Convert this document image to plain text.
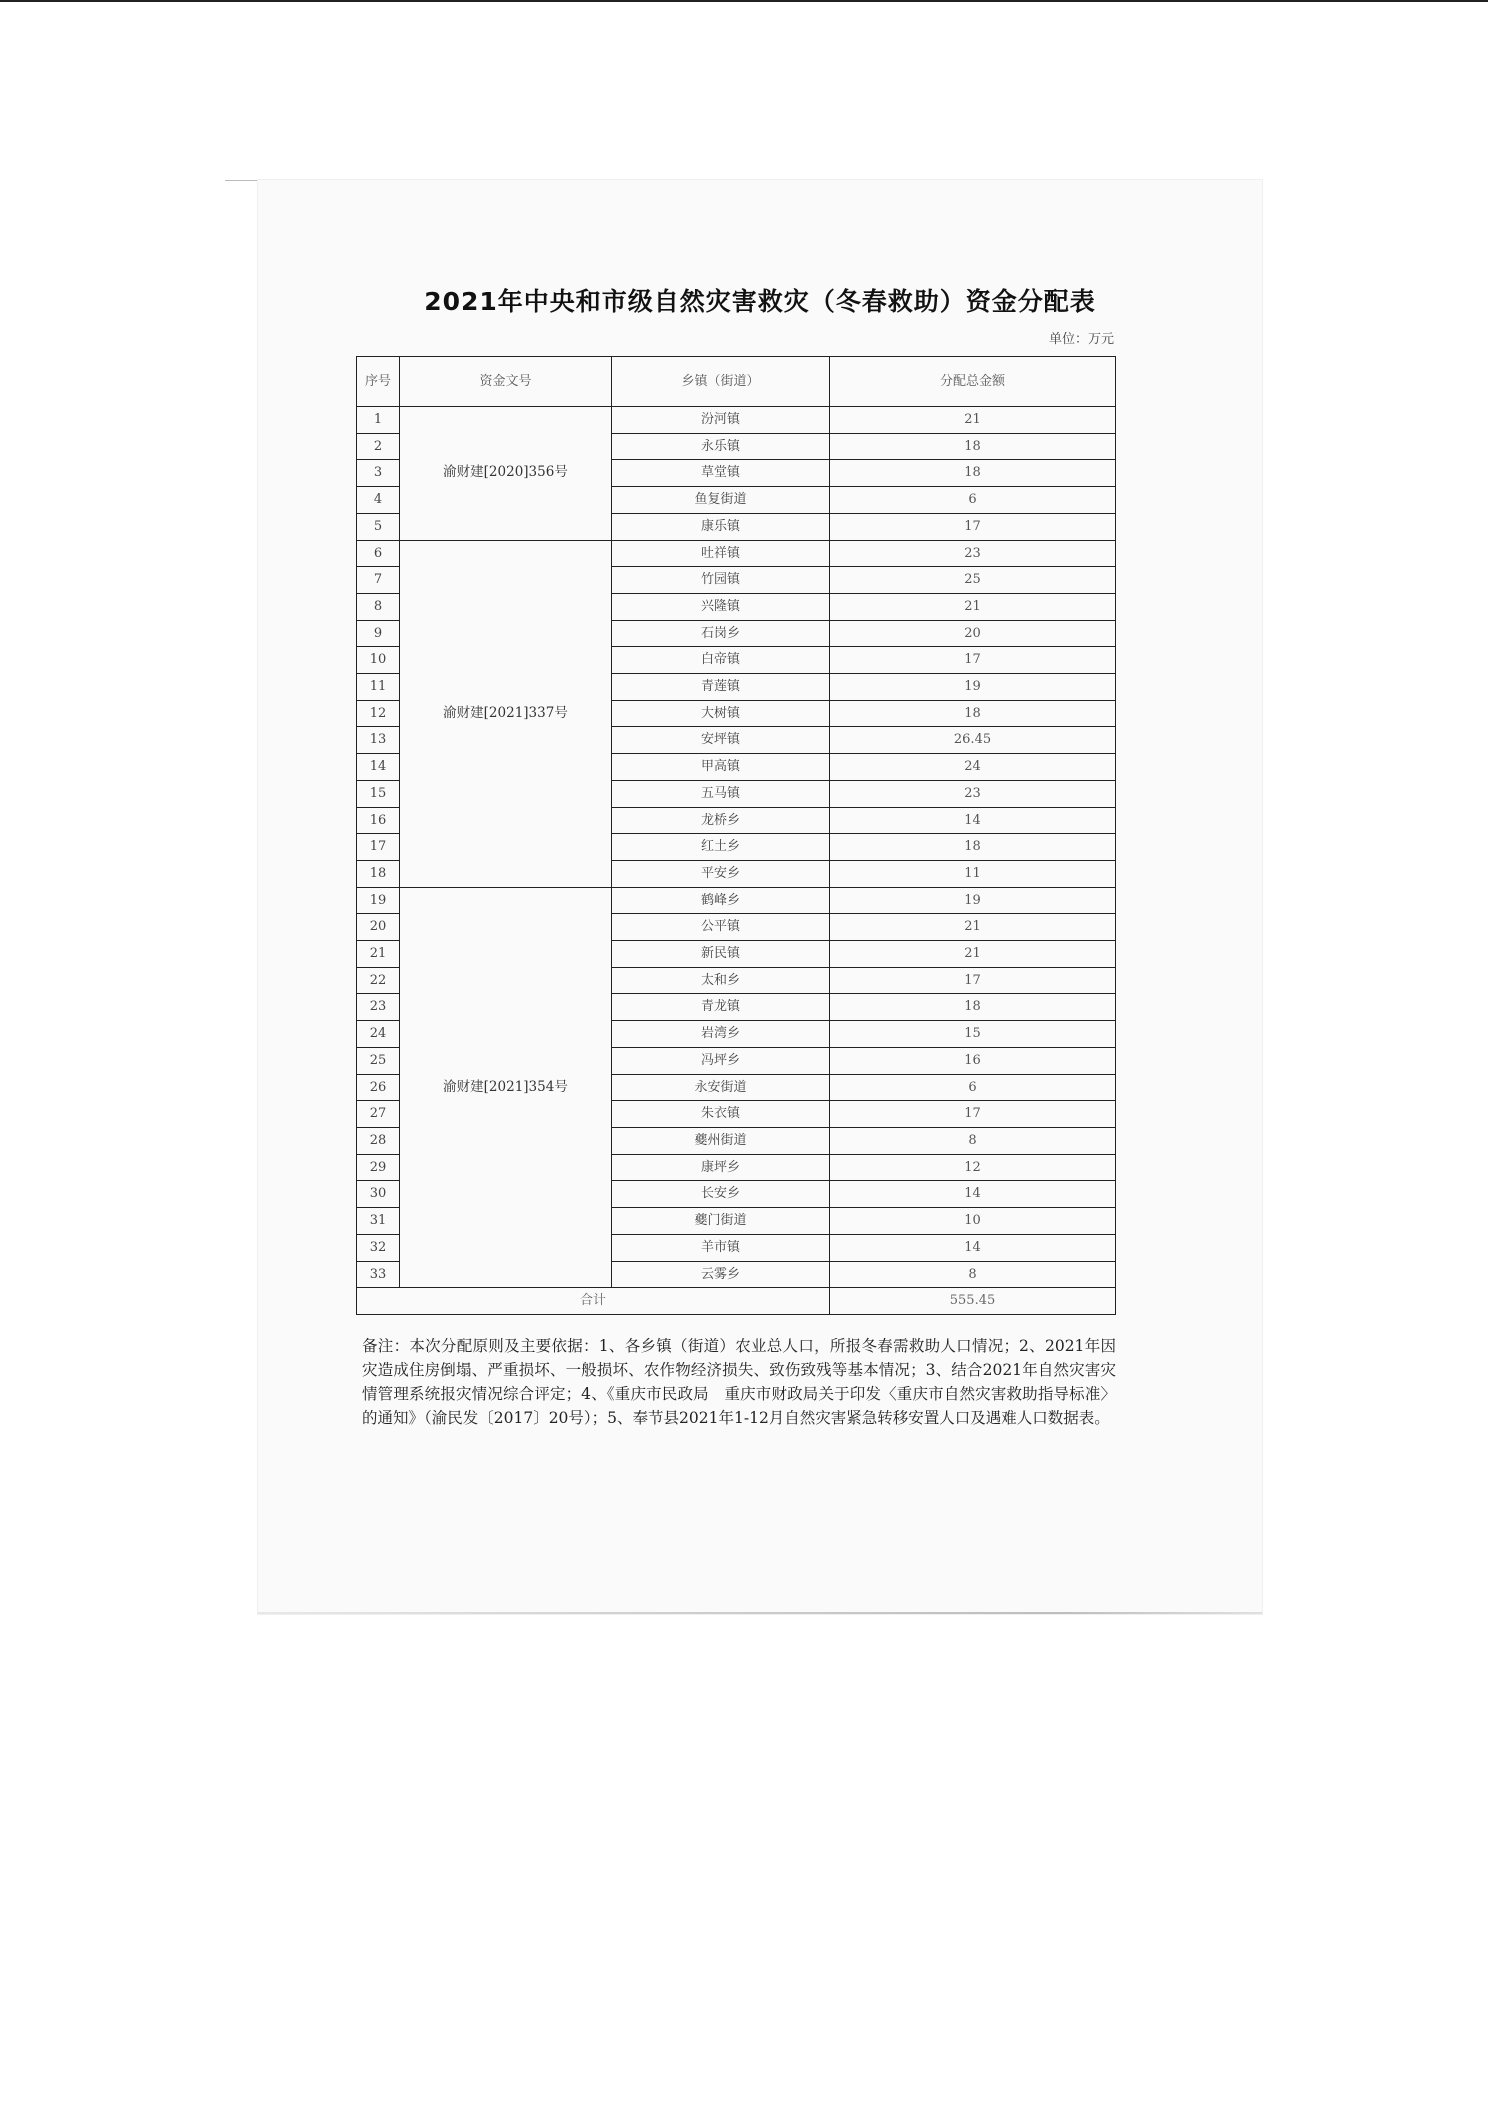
2021年中央和市级自然灾害救灾（冬春救助）资金分配表
单位：万元
序号	资金文号	乡镇（街道）	分配总金额
1	渝财建[2020]356号	汾河镇	21
2		永乐镇	18
3		草堂镇	18
4		鱼复街道	6
5		康乐镇	17
6	渝财建[2021]337号	吐祥镇	23
7		竹园镇	25
8		兴隆镇	21
9		石岗乡	20
10		白帝镇	17
11		青莲镇	19
12		大树镇	18
13		安坪镇	26.45
14		甲高镇	24
15		五马镇	23
16		龙桥乡	14
17		红土乡	18
18		平安乡	11
19	渝财建[2021]354号	鹤峰乡	19
20		公平镇	21
21		新民镇	21
22		太和乡	17
23		青龙镇	18
24		岩湾乡	15
25		冯坪乡	16
26		永安街道	6
27		朱衣镇	17
28		夔州街道	8
29		康坪乡	12
30		长安乡	14
31		夔门街道	10
32		羊市镇	14
33		云雾乡	8
合计			555.45
备注：本次分配原则及主要依据：1、各乡镇（街道）农业总人口，所报冬春需救助人口情况；2、2021年因灾造成住房倒塌、严重损坏、一般损坏、农作物经济损失、致伤致残等基本情况；3、结合2021年自然灾害灾情管理系统报灾情况综合评定；4、《重庆市民政局　重庆市财政局关于印发〈重庆市自然灾害救助指导标准〉的通知》（渝民发〔2017〕20号）；5、奉节县2021年1-12月自然灾害紧急转移安置人口及遇难人口数据表。
